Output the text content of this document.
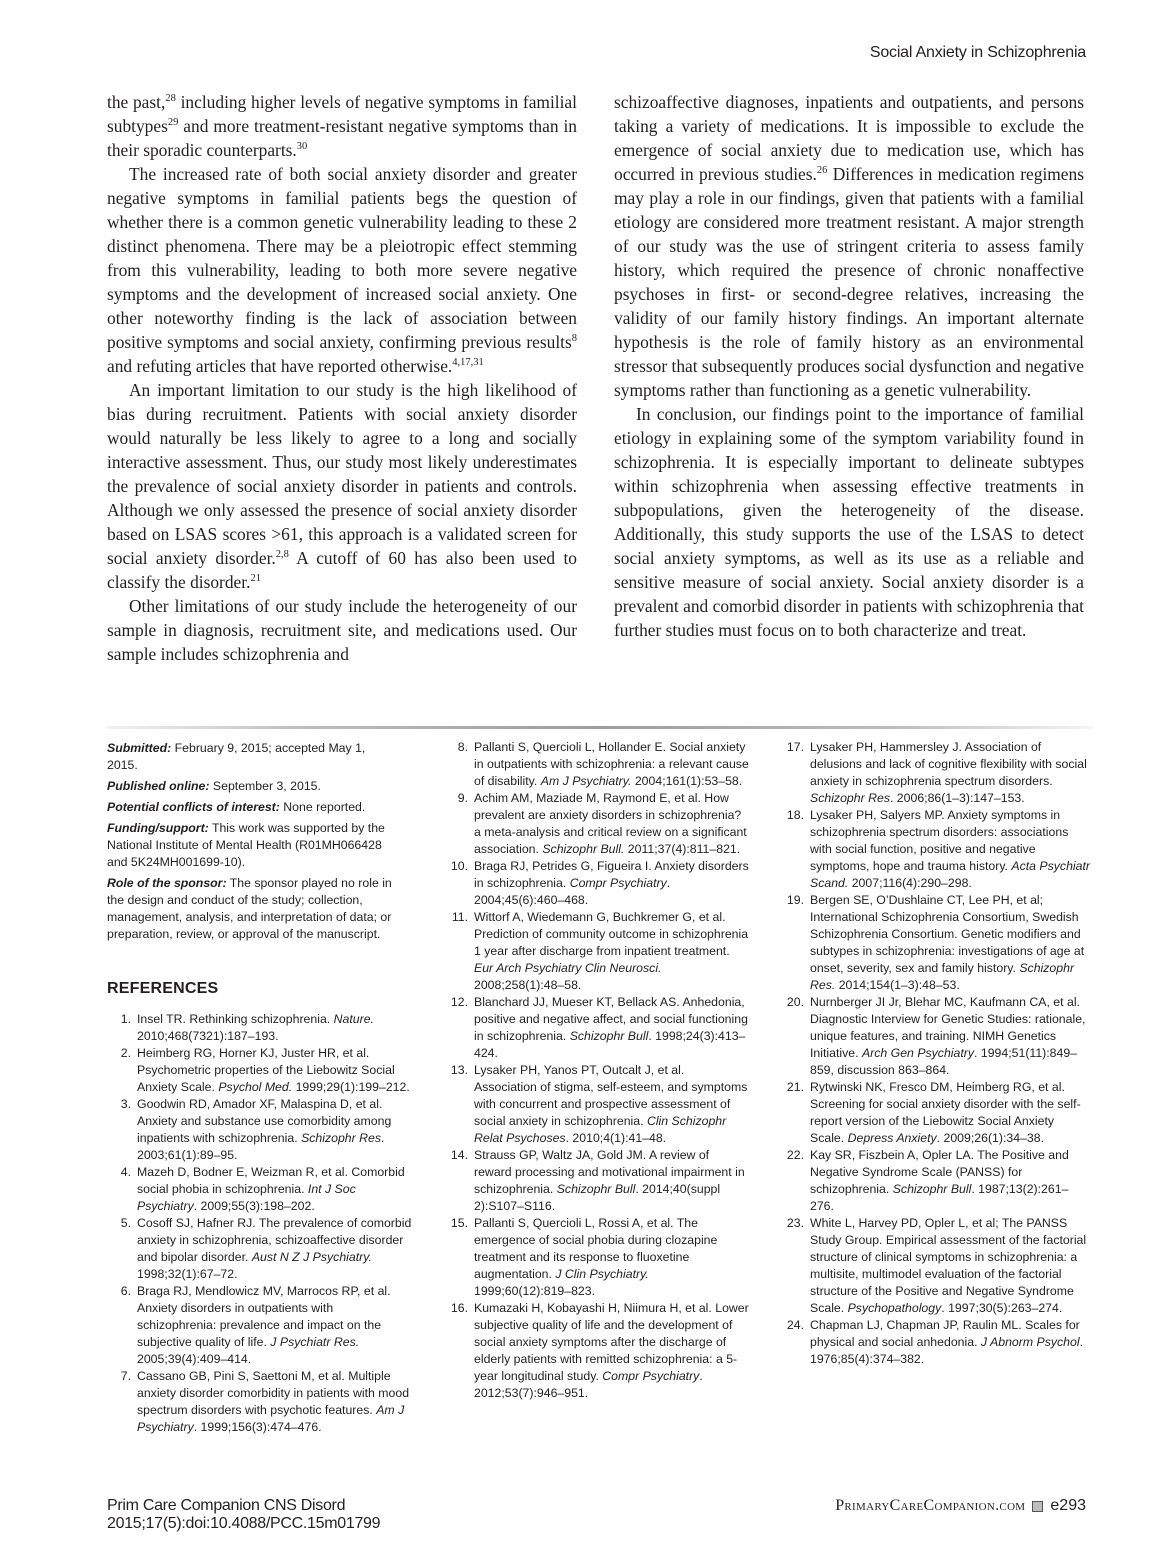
Social Anxiety in Schizophrenia

the past,$^{28}$ including higher levels of negative symptoms in familial subtypes$^{29}$ and more treatment-resistant negative symptoms than in their sporadic counterparts.$^{30}$

The increased rate of both social anxiety disorder and greater negative symptoms in familial patients begs the question of whether there is a common genetic vulnerability leading to these 2 distinct phenomena. There may be a pleiotropic effect stemming from this vulnerability, leading to both more severe negative symptoms and the development of increased social anxiety. One other noteworthy finding is the lack of association between positive symptoms and social anxiety, confirming previous results$^8$ and refuting articles that have reported otherwise.$^{4,17,31}$

An important limitation to our study is the high likelihood of bias during recruitment. Patients with social anxiety disorder would naturally be less likely to agree to a long and socially interactive assessment. Thus, our study most likely underestimates the prevalence of social anxiety disorder in patients and controls. Although we only assessed the presence of social anxiety disorder based on LSAS scores >61, this approach is a validated screen for social anxiety disorder.$^{2,8}$ A cutoff of 60 has also been used to classify the disorder.$^{21}$

Other limitations of our study include the heterogeneity of our sample in diagnosis, recruitment site, and medications used. Our sample includes schizophrenia and

schizoaffective diagnoses, inpatients and outpatients, and persons taking a variety of medications. It is impossible to exclude the emergence of social anxiety due to medication use, which has occurred in previous studies.$^{26}$ Differences in medication regimens may play a role in our findings, given that patients with a familial etiology are considered more treatment resistant. A major strength of our study was the use of stringent criteria to assess family history, which required the presence of chronic nonaffective psychoses in first- or second-degree relatives, increasing the validity of our family history findings. An important alternate hypothesis is the role of family history as an environmental stressor that subsequently produces social dysfunction and negative symptoms rather than functioning as a genetic vulnerability.

In conclusion, our findings point to the importance of familial etiology in explaining some of the symptom variability found in schizophrenia. It is especially important to delineate subtypes within schizophrenia when assessing effective treatments in subpopulations, given the heterogeneity of the disease. Additionally, this study supports the use of the LSAS to detect social anxiety symptoms, as well as its use as a reliable and sensitive measure of social anxiety. Social anxiety disorder is a prevalent and comorbid disorder in patients with schizophrenia that further studies must focus on to both characterize and treat.

Submitted: February 9, 2015; accepted May 1, 2015.
Published online: September 3, 2015.
Potential conflicts of interest: None reported.
Funding/support: This work was supported by the National Institute of Mental Health (R01MH066428 and 5K24MH001699-10).
Role of the sponsor: The sponsor played no role in the design and conduct of the study; collection, management, analysis, and interpretation of data; or preparation, review, or approval of the manuscript.
REFERENCES
1. Insel TR. Rethinking schizophrenia. Nature. 2010;468(7321):187–193.
2. Heimberg RG, Horner KJ, Juster HR, et al. Psychometric properties of the Liebowitz Social Anxiety Scale. Psychol Med. 1999;29(1):199–212.
3. Goodwin RD, Amador XF, Malaspina D, et al. Anxiety and substance use comorbidity among inpatients with schizophrenia. Schizophr Res. 2003;61(1):89–95.
4. Mazeh D, Bodner E, Weizman R, et al. Comorbid social phobia in schizophrenia. Int J Soc Psychiatry. 2009;55(3):198–202.
5. Cosoff SJ, Hafner RJ. The prevalence of comorbid anxiety in schizophrenia, schizoaffective disorder and bipolar disorder. Aust N Z J Psychiatry. 1998;32(1):67–72.
6. Braga RJ, Mendlowicz MV, Marrocos RP, et al. Anxiety disorders in outpatients with schizophrenia: prevalence and impact on the subjective quality of life. J Psychiatr Res. 2005;39(4):409–414.
7. Cassano GB, Pini S, Saettoni M, et al. Multiple anxiety disorder comorbidity in patients with mood spectrum disorders with psychotic features. Am J Psychiatry. 1999;156(3):474–476.
8. Pallanti S, Quercioli L, Hollander E. Social anxiety in outpatients with schizophrenia: a relevant cause of disability. Am J Psychiatry. 2004;161(1):53–58.
9. Achim AM, Maziade M, Raymond E, et al. How prevalent are anxiety disorders in schizophrenia? a meta-analysis and critical review on a significant association. Schizophr Bull. 2011;37(4):811–821.
10. Braga RJ, Petrides G, Figueira I. Anxiety disorders in schizophrenia. Compr Psychiatry. 2004;45(6):460–468.
11. Wittorf A, Wiedemann G, Buchkremer G, et al. Prediction of community outcome in schizophrenia 1 year after discharge from inpatient treatment. Eur Arch Psychiatry Clin Neurosci. 2008;258(1):48–58.
12. Blanchard JJ, Mueser KT, Bellack AS. Anhedonia, positive and negative affect, and social functioning in schizophrenia. Schizophr Bull. 1998;24(3):413–424.
13. Lysaker PH, Yanos PT, Outcalt J, et al. Association of stigma, self-esteem, and symptoms with concurrent and prospective assessment of social anxiety in schizophrenia. Clin Schizophr Relat Psychoses. 2010;4(1):41–48.
14. Strauss GP, Waltz JA, Gold JM. A review of reward processing and motivational impairment in schizophrenia. Schizophr Bull. 2014;40(suppl 2):S107–S116.
15. Pallanti S, Quercioli L, Rossi A, et al. The emergence of social phobia during clozapine treatment and its response to fluoxetine augmentation. J Clin Psychiatry. 1999;60(12):819–823.
16. Kumazaki H, Kobayashi H, Niimura H, et al. Lower subjective quality of life and the development of social anxiety symptoms after the discharge of elderly patients with remitted schizophrenia: a 5-year longitudinal study. Compr Psychiatry. 2012;53(7):946–951.
17. Lysaker PH, Hammersley J. Association of delusions and lack of cognitive flexibility with social anxiety in schizophrenia spectrum disorders. Schizophr Res. 2006;86(1–3):147–153.
18. Lysaker PH, Salyers MP. Anxiety symptoms in schizophrenia spectrum disorders: associations with social function, positive and negative symptoms, hope and trauma history. Acta Psychiatr Scand. 2007;116(4):290–298.
19. Bergen SE, O’Dushlaine CT, Lee PH, et al; International Schizophrenia Consortium, Swedish Schizophrenia Consortium. Genetic modifiers and subtypes in schizophrenia: investigations of age at onset, severity, sex and family history. Schizophr Res. 2014;154(1–3):48–53.
20. Nurnberger JI Jr, Blehar MC, Kaufmann CA, et al. Diagnostic Interview for Genetic Studies: rationale, unique features, and training. NIMH Genetics Initiative. Arch Gen Psychiatry. 1994;51(11):849–859, discussion 863–864.
21. Rytwinski NK, Fresco DM, Heimberg RG, et al. Screening for social anxiety disorder with the self-report version of the Liebowitz Social Anxiety Scale. Depress Anxiety. 2009;26(1):34–38.
22. Kay SR, Fiszbein A, Opler LA. The Positive and Negative Syndrome Scale (PANSS) for schizophrenia. Schizophr Bull. 1987;13(2):261–276.
23. White L, Harvey PD, Opler L, et al; The PANSS Study Group. Empirical assessment of the factorial structure of clinical symptoms in schizophrenia: a multisite, multimodel evaluation of the factorial structure of the Positive and Negative Syndrome Scale. Psychopathology. 1997;30(5):263–274.
24. Chapman LJ, Chapman JP, Raulin ML. Scales for physical and social anhedonia. J Abnorm Psychol. 1976;85(4):374–382.
Prim Care Companion CNS Disord
2015;17(5):doi:10.4088/PCC.15m01799
PrimaryCareCompanion.com e293
